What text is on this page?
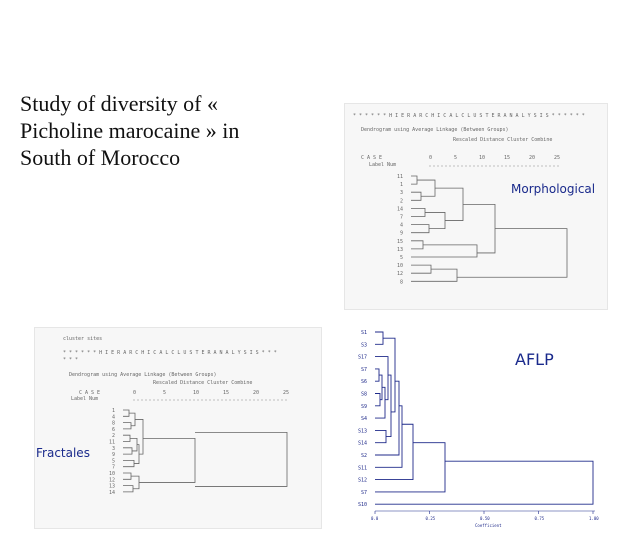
Study of diversity of « Picholine marocaine » in South of Morocco
* * * * * * H I E R A R C H I C A L C L U S T E R A N A L Y S I S * * * * * *
Dendrogram using Average Linkage (Between Groups)
Rescaled Distance Cluster Combine
C A S E
Label Num
0	5	10	15	20	25
11
1
3
2
14
7
4
9
15
13
5
10
12
8
Morphological
cluster sites
* * * * * * H I E R A R C H I C A L C L U S T E R A N A L Y S I S * * *
* * *
Dendrogram using Average Linkage (Between Groups)
Rescaled Distance Cluster Combine
C A S E
Label Num
0	5	10	15	20	25
1
4
8
6
2
11
3
9
5
7
10
12
13
14
Fractales
S1
S3
S17
S7
S6
S8
S9
S4
S13
S14
S2
S11
S12
S7
S10
0.0	0.25	0.50	0.75	1.00
Coefficient
AFLP
